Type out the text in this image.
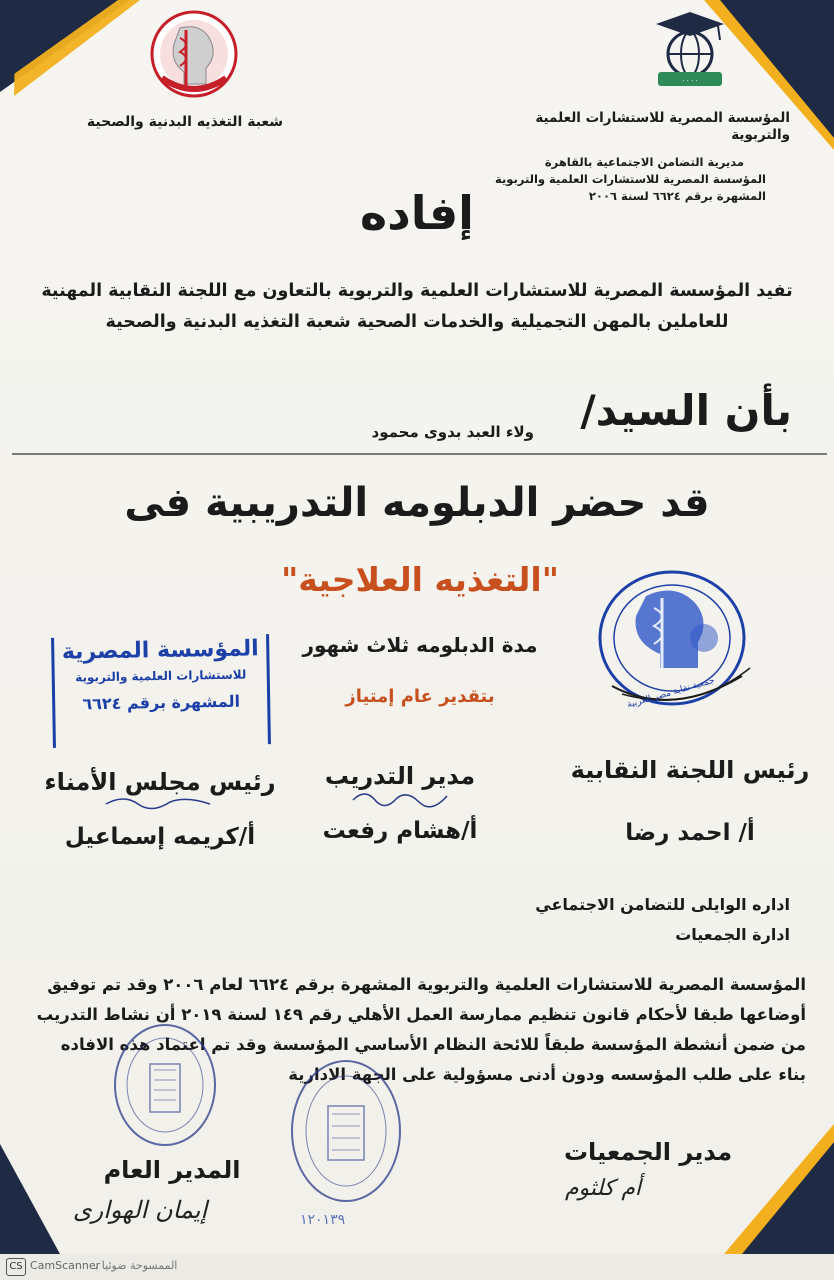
· · · ·
المؤسسة المصرية للاستشارات العلمية والتربوية
مديرية التضامن الاجتماعية بالقاهرة
المؤسسة المصرية للاستشارات العلمية والتربوية
المشهرة برقم ٦٦٢٤ لسنة ٢٠٠٦
شعبة التغذيه البدنية والصحية
إفاده
تفيد المؤسسة المصرية للاستشارات العلمية والتربوية بالتعاون مع اللجنة النقابية المهنية
للعاملين بالمهن التجميلية والخدمات الصحية شعبة التغذيه البدنية والصحية
بأن السيد/
ولاء العبد بدوى محمود
قد حضر الدبلومه التدريبية فى
"التغذيه العلاجية"
مدة الدبلومه ثلاث شهور
بتقدير عام إمتياز
المؤسسة المصرية
للاستشارات العلمية والتربوية
المشهرة برقم ٦٦٢٤	جمعية نقابة مصر العربية
رئيس اللجنة النقابية
أ/ احمد رضا
مدير التدريب
أ/هشام رفعت
رئيس مجلس الأمناء
أ/كريمه إسماعيل
اداره الوايلى للتضامن الاجتماعي
ادارة الجمعيات
المؤسسة المصرية للاستشارات العلمية والتربوية المشهرة برقم ٦٦٢٤ لعام ٢٠٠٦ وقد تم توفيق
أوضاعها طبقا لأحكام قانون تنظيم ممارسة العمل الأهلي رقم ١٤٩ لسنة ٢٠١٩ أن نشاط التدريب
من ضمن أنشطة المؤسسة طبقاً للائحة النظام الأساسي المؤسسة وقد تم اعتماد هذه الافاده
بناء على طلب المؤسسه ودون أدنى مسؤولية على الجهة الادارية
١٢٠١٣٩
مدير الجمعيات
أم كلثوم
المدير العام
إيمان الهوارى
CS CamScanner
الممسوحة ضوئيا بـ
